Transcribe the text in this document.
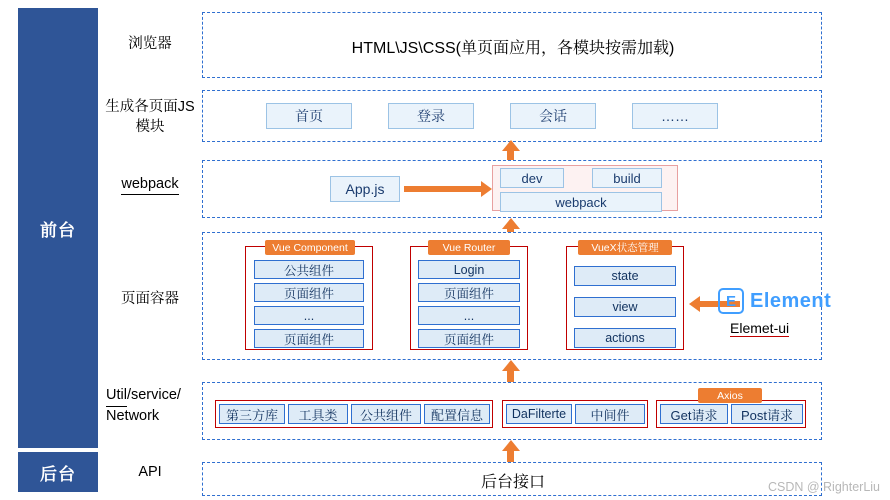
前台
后台
浏览器
生成各页面JS模块
webpack
页面容器
Util /service/
Network
API
HTML\JS\CSS(单页面应用，各模块按需加载)
首页	登录	会话	……
App.js
dev	build
webpack
Vue Component
公共组件
页面组件
...
页面组件
Vue Router
Login
页面组件
...
页面组件
VueX状态管理
state
view
actions
E Element
Elemet-ui
第三方库	工具类	公共组件	配置信息	DaFilterte	中间件
Axios
Get请求	Post请求
后台接口	CSDN @ RighterLiu
